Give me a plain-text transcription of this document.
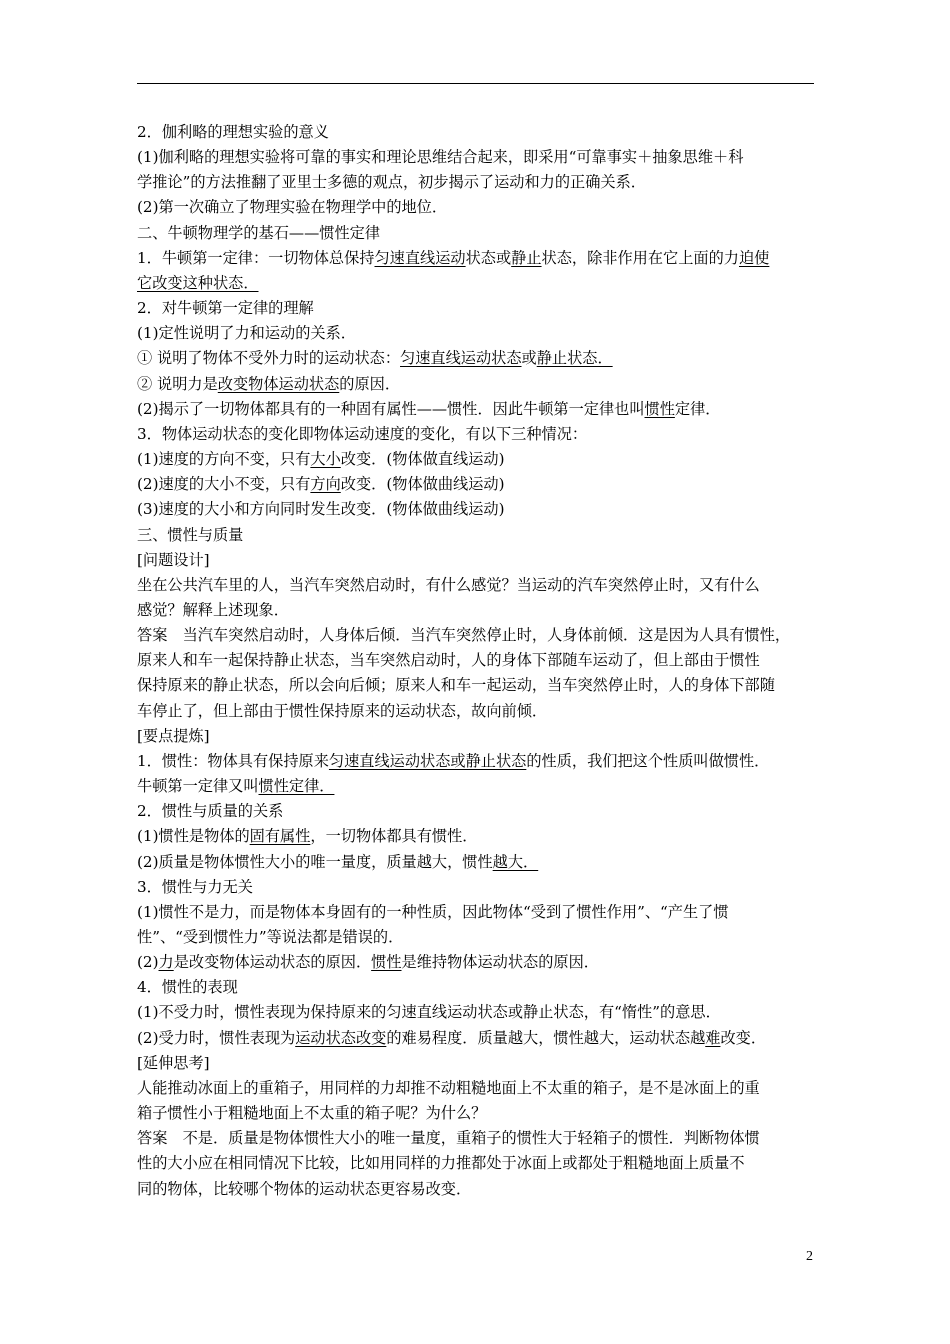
2．伽利略的理想实验的意义

(1)伽利略的理想实验将可靠的事实和理论思维结合起来，即采用“可靠事实＋抽象思维＋科

学推论”的方法推翻了亚里士多德的观点，初步揭示了运动和力的正确关系．

(2)第一次确立了物理实验在物理学中的地位．

二、牛顿物理学的基石——惯性定律

1．牛顿第一定律：一切物体总保持匀速直线运动状态或静止状态，除非作用在它上面的力迫使

它改变这种状态．

2．对牛顿第一定律的理解

(1)定性说明了力和运动的关系．

① 说明了物体不受外力时的运动状态：匀速直线运动状态或静止状态．

② 说明力是改变物体运动状态的原因．

(2)揭示了一切物体都具有的一种固有属性——惯性．因此牛顿第一定律也叫惯性定律．

3．物体运动状态的变化即物体运动速度的变化，有以下三种情况：

(1)速度的方向不变，只有大小改变．(物体做直线运动)

(2)速度的大小不变，只有方向改变．(物体做曲线运动)

(3)速度的大小和方向同时发生改变．(物体做曲线运动)

三、惯性与质量

[问题设计]

坐在公共汽车里的人，当汽车突然启动时，有什么感觉？当运动的汽车突然停止时，又有什么

感觉？解释上述现象．

答案　当汽车突然启动时，人身体后倾．当汽车突然停止时，人身体前倾．这是因为人具有惯性，

原来人和车一起保持静止状态，当车突然启动时，人的身体下部随车运动了，但上部由于惯性

保持原来的静止状态，所以会向后倾；原来人和车一起运动，当车突然停止时，人的身体下部随

车停止了，但上部由于惯性保持原来的运动状态，故向前倾．

[要点提炼]

1．惯性：物体具有保持原来匀速直线运动状态或静止状态的性质，我们把这个性质叫做惯性．

牛顿第一定律又叫惯性定律．

2．惯性与质量的关系

(1)惯性是物体的固有属性，一切物体都具有惯性．

(2)质量是物体惯性大小的唯一量度，质量越大，惯性越大．

3．惯性与力无关

(1)惯性不是力，而是物体本身固有的一种性质，因此物体“受到了惯性作用”、“产生了惯

性”、“受到惯性力”等说法都是错误的．

(2)力是改变物体运动状态的原因．惯性是维持物体运动状态的原因．

4．惯性的表现

(1)不受力时，惯性表现为保持原来的匀速直线运动状态或静止状态，有“惰性”的意思．

(2)受力时，惯性表现为运动状态改变的难易程度．质量越大，惯性越大，运动状态越难改变．

[延伸思考]

人能推动冰面上的重箱子，用同样的力却推不动粗糙地面上不太重的箱子，是不是冰面上的重

箱子惯性小于粗糙地面上不太重的箱子呢？为什么？

答案　不是．质量是物体惯性大小的唯一量度，重箱子的惯性大于轻箱子的惯性．判断物体惯

性的大小应在相同情况下比较，比如用同样的力推都处于冰面上或都处于粗糙地面上质量不

同的物体，比较哪个物体的运动状态更容易改变．

2
